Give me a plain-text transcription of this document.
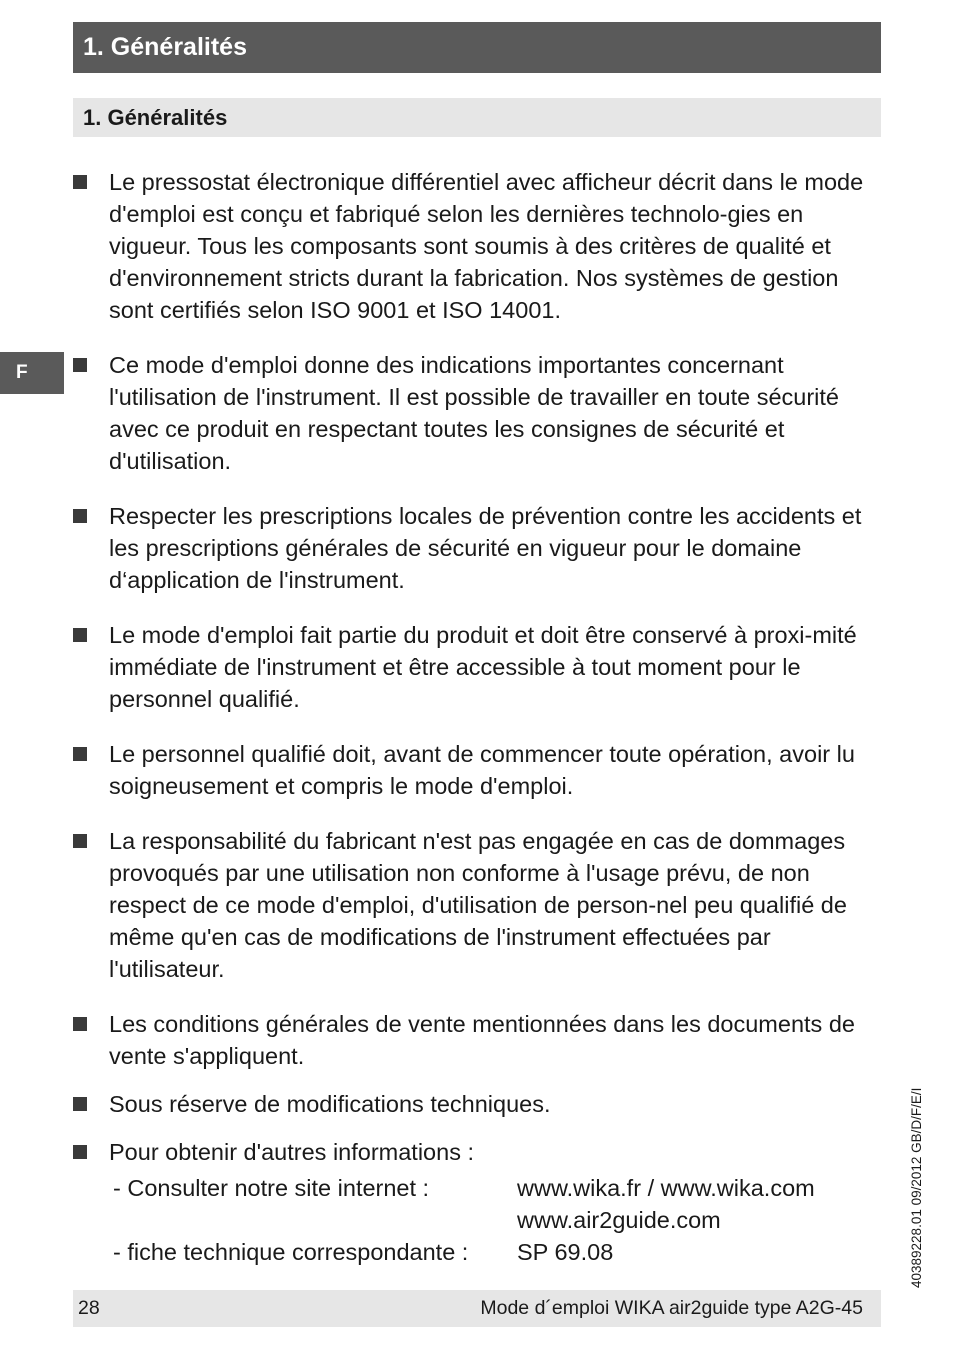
1. Généralités
1. Généralités
F

Le pressostat électronique différentiel avec afficheur décrit dans le mode d'emploi est conçu et fabriqué selon les dernières technolo-gies en vigueur. Tous les composants sont soumis à des critères de qualité et d'environnement stricts durant la fabrication. Nos systèmes de gestion sont certifiés selon ISO 9001 et ISO 14001.

Ce mode d'emploi donne des indications importantes concernant l'utilisation de l'instrument. Il est possible de travailler en toute sécurité avec ce produit en respectant toutes les consignes de sécurité et d'utilisation.

Respecter les prescriptions locales de prévention contre les accidents et les prescriptions générales de sécurité en vigueur pour le domaine d‘application de l'instrument.

Le mode d'emploi fait partie du produit et doit être conservé à proxi-mité immédiate de l'instrument et être accessible à tout moment pour le personnel qualifié.

Le personnel qualifié doit, avant de commencer toute opération, avoir lu soigneusement et compris le mode d'emploi.

La responsabilité du fabricant n'est pas engagée en cas de dommages provoqués par une utilisation non conforme à l'usage prévu, de non respect de ce mode d'emploi, d'utilisation de person-nel peu qualifié de même qu'en cas de modifications de l'instrument effectuées par l'utilisateur.

Les conditions générales de vente mentionnées dans les documents de vente s'appliquent.

Sous réserve de modifications techniques.

Pour obtenir d'autres informations :

- Consulter notre site internet :	www.wika.fr / www.wika.com
www.air2guide.com
- fiche technique correspondante :	SP 69.08	40389228.01 09/2012 GB/D/F/E/I
28	Mode d´emploi WIKA air2guide type A2G-45
